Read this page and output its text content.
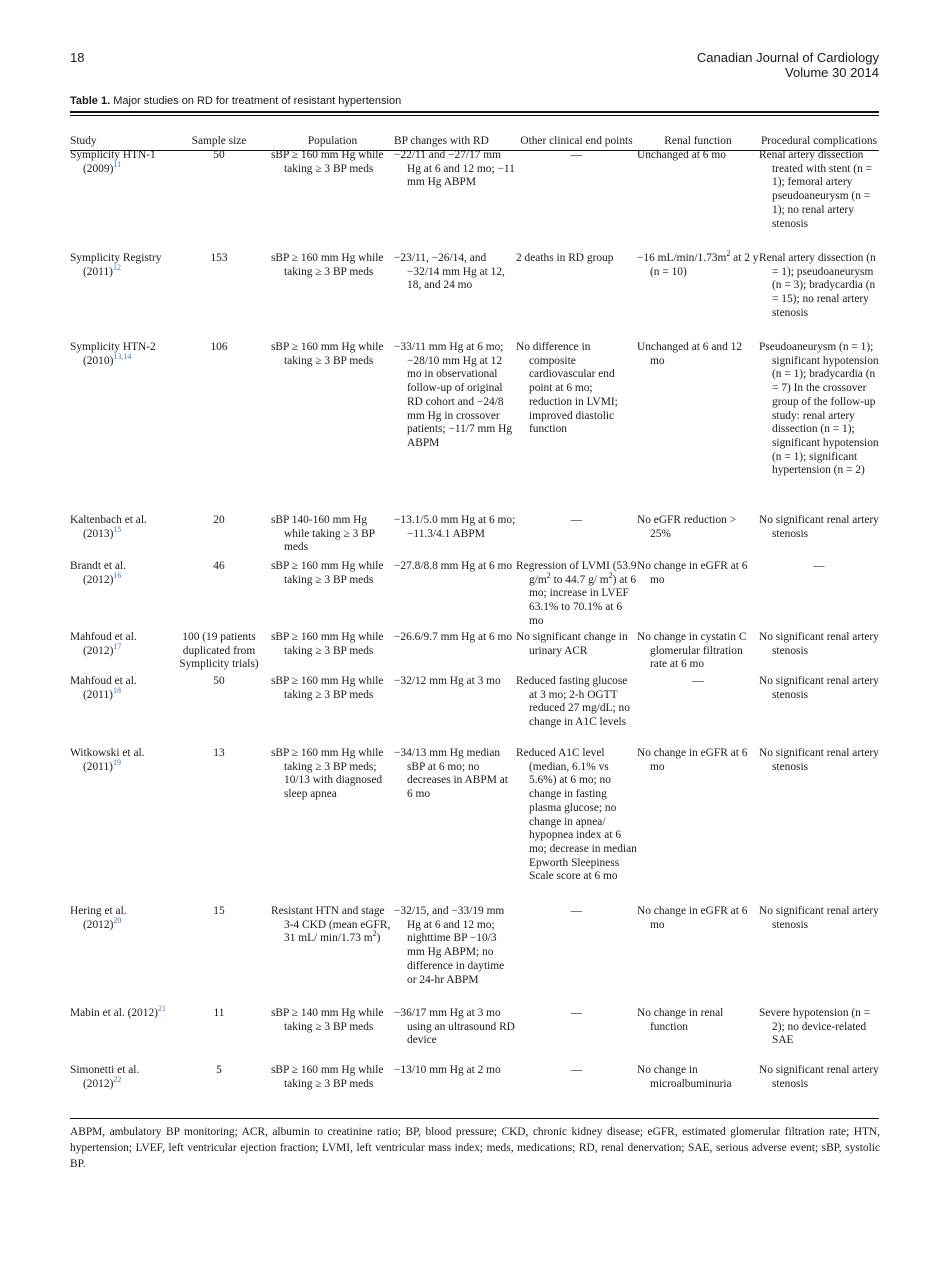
18	Canadian Journal of Cardiology
Volume 30 2014
Table 1. Major studies on RD for treatment of resistant hypertension
Study	Sample size	Population	BP changes with RD	Other clinical end points	Renal function	Procedural complications
Symplicity HTN-1 (2009)$^{11}$	50	sBP ≥ 160 mm Hg while taking ≥ 3 BP meds	−22/11 and −27/17 mm Hg at 6 and 12 mo; −11 mm Hg ABPM	—	Unchanged at 6 mo	Renal artery dissection treated with stent (n = 1); femoral artery pseudoaneurysm (n = 1); no renal artery stenosis
Symplicity Registry (2011)$^{12}$	153	sBP ≥ 160 mm Hg while taking ≥ 3 BP meds	−23/11, −26/14, and −32/14 mm Hg at 12, 18, and 24 mo	2 deaths in RD group	−16 $mL/\min/1.73m^2$ at 2 y (n = 10)	Renal artery dissection (n = 1); pseudoaneurysm (n = 3); bradycardia (n = 15); no renal artery stenosis
Symplicity HTN-2 (2010)$^{13,14}$	106	sBP ≥ 160 mm Hg while taking ≥ 3 BP meds	−33/11 mm Hg at 6 mo; −28/10 mm Hg at 12 mo in observational follow-up of original RD cohort and −24/8 mm Hg in crossover patients; −11/7 mm Hg ABPM	No difference in composite cardiovascular end point at 6 mo; reduction in LVMI; improved diastolic function	Unchanged at 6 and 12 mo	Pseudoaneurysm (n = 1); significant hypotension (n = 1); bradycardia (n = 7) In the crossover group of the follow-up study: renal artery dissection (n = 1); significant hypotension (n = 1); significant hypertension (n = 2)
Kaltenbach et al. (2013)$^{15}$	20	sBP 140-160 mm Hg while taking ≥ 3 BP meds	−13.1/5.0 mm Hg at 6 mo; −11.3/4.1 ABPM	—	No eGFR reduction > 25%	No significant renal artery stenosis
Brandt et al. (2012)$^{16}$	46	sBP ≥ 160 mm Hg while taking ≥ 3 BP meds	−27.8/8.8 mm Hg at 6 mo	Regression of LVMI (53.9 $g/m^2$ to 44.7 g/ $m^2$) at 6 mo; increase in LVEF 63.1% to 70.1% at 6 mo	No change in eGFR at 6 mo	—
Mahfoud et al. (2012)$^{17}$	100 (19 patients duplicated from Symplicity trials)	sBP ≥ 160 mm Hg while taking ≥ 3 BP meds	−26.6/9.7 mm Hg at 6 mo	No significant change in urinary ACR	No change in cystatin C glomerular filtration rate at 6 mo	No significant renal artery stenosis
Mahfoud et al. (2011)$^{18}$	50	sBP ≥ 160 mm Hg while taking ≥ 3 BP meds	−32/12 mm Hg at 3 mo	Reduced fasting glucose at 3 mo; 2-h OGTT reduced 27 mg/dL; no change in A1C levels	—	No significant renal artery stenosis
Witkowski et al. (2011)$^{19}$	13	sBP ≥ 160 mm Hg while taking ≥ 3 BP meds; 10/13 with diagnosed sleep apnea	−34/13 mm Hg median sBP at 6 mo; no decreases in ABPM at 6 mo	Reduced A1C level (median, 6.1% vs 5.6%) at 6 mo; no change in fasting plasma glucose; no change in apnea/ hypopnea index at 6 mo; decrease in median Epworth Sleepiness Scale score at 6 mo	No change in eGFR at 6 mo	No significant renal artery stenosis
Hering et al. (2012)$^{20}$	15	Resistant HTN and stage 3-4 CKD (mean eGFR, 31 mL/ min/1.73 $m^2$)	−32/15, and −33/19 mm Hg at 6 and 12 mo; nighttime BP −10/3 mm Hg ABPM; no difference in daytime or 24-hr ABPM	—	No change in eGFR at 6 mo	No significant renal artery stenosis
Mabin et al. (2012)$^{21}$	11	sBP ≥ 140 mm Hg while taking ≥ 3 BP meds	−36/17 mm Hg at 3 mo using an ultrasound RD device	—	No change in renal function	Severe hypotension (n = 2); no device-related SAE
Simonetti et al. (2012)$^{22}$	5	sBP ≥ 160 mm Hg while taking ≥ 3 BP meds	−13/10 mm Hg at 2 mo	—	No change in microalbuminuria	No significant renal artery stenosis
ABPM, ambulatory BP monitoring; ACR, albumin to creatinine ratio; BP, blood pressure; CKD, chronic kidney disease; eGFR, estimated glomerular filtration rate; HTN, hypertension; LVEF, left ventricular ejection fraction; LVMI, left ventricular mass index; meds, medications; RD, renal denervation; SAE, serious adverse event; sBP, systolic BP.
